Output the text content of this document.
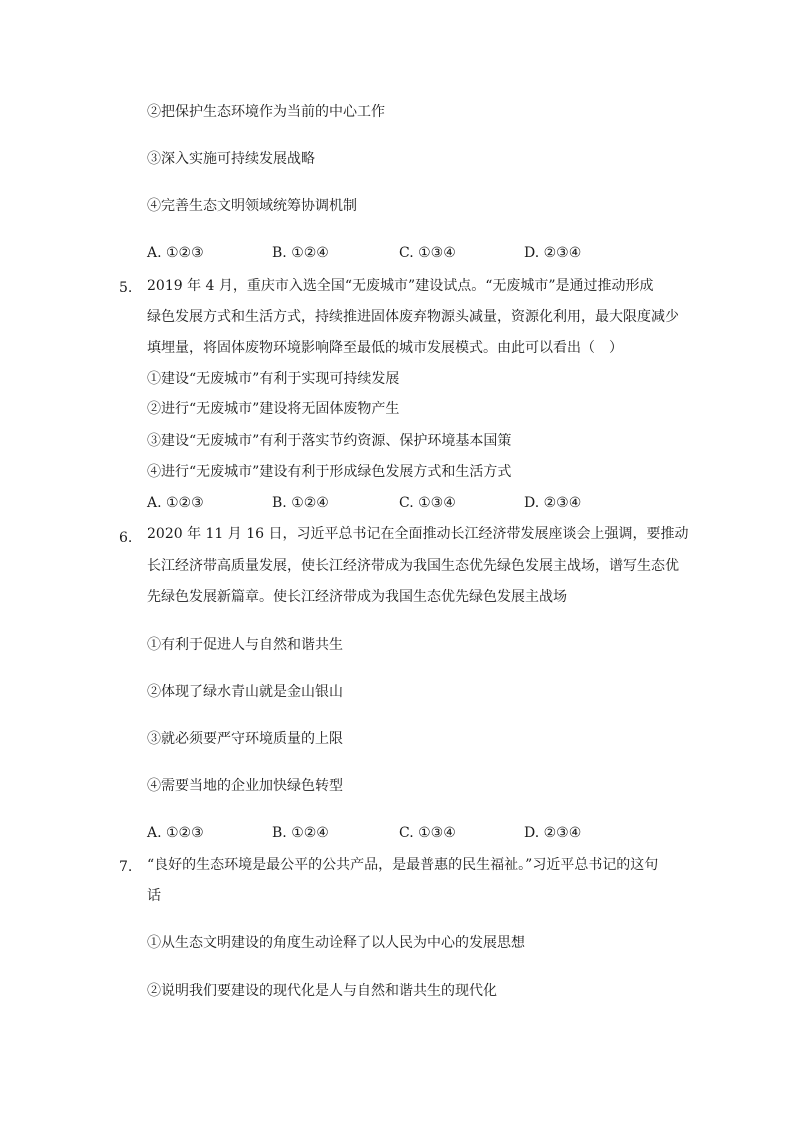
②把保护生态环境作为当前的中心工作
③深入实施可持续发展战略
④完善生态文明领域统筹协调机制
A. ①②③	B. ①②④	C. ①③④	D. ②③④
5. 2019 年 4 月，重庆市入选全国“无废城市”建设试点。“无废城市”是通过推动形成
绿色发展方式和生活方式，持续推进固体废弃物源头减量，资源化利用，最大限度减少
填埋量，将固体废物环境影响降至最低的城市发展模式。由此可以看出（　）
①建设“无废城市”有利于实现可持续发展
②进行“无废城市”建设将无固体废物产生
③建设“无废城市”有利于落实节约资源、保护环境基本国策
④进行“无废城市”建设有利于形成绿色发展方式和生活方式
A. ①②③	B. ①②④	C. ①③④	D. ②③④
6. 2020 年 11 月 16 日，习近平总书记在全面推动长江经济带发展座谈会上强调，要推动
长江经济带高质量发展，使长江经济带成为我国生态优先绿色发展主战场，谱写生态优
先绿色发展新篇章。使长江经济带成为我国生态优先绿色发展主战场
①有利于促进人与自然和谐共生
②体现了绿水青山就是金山银山
③就必须要严守环境质量的上限
④需要当地的企业加快绿色转型
A. ①②③	B. ①②④	C. ①③④	D. ②③④
7. “良好的生态环境是最公平的公共产品，是最普惠的民生福祉。”习近平总书记的这句
话
①从生态文明建设的角度生动诠释了以人民为中心的发展思想
②说明我们要建设的现代化是人与自然和谐共生的现代化
